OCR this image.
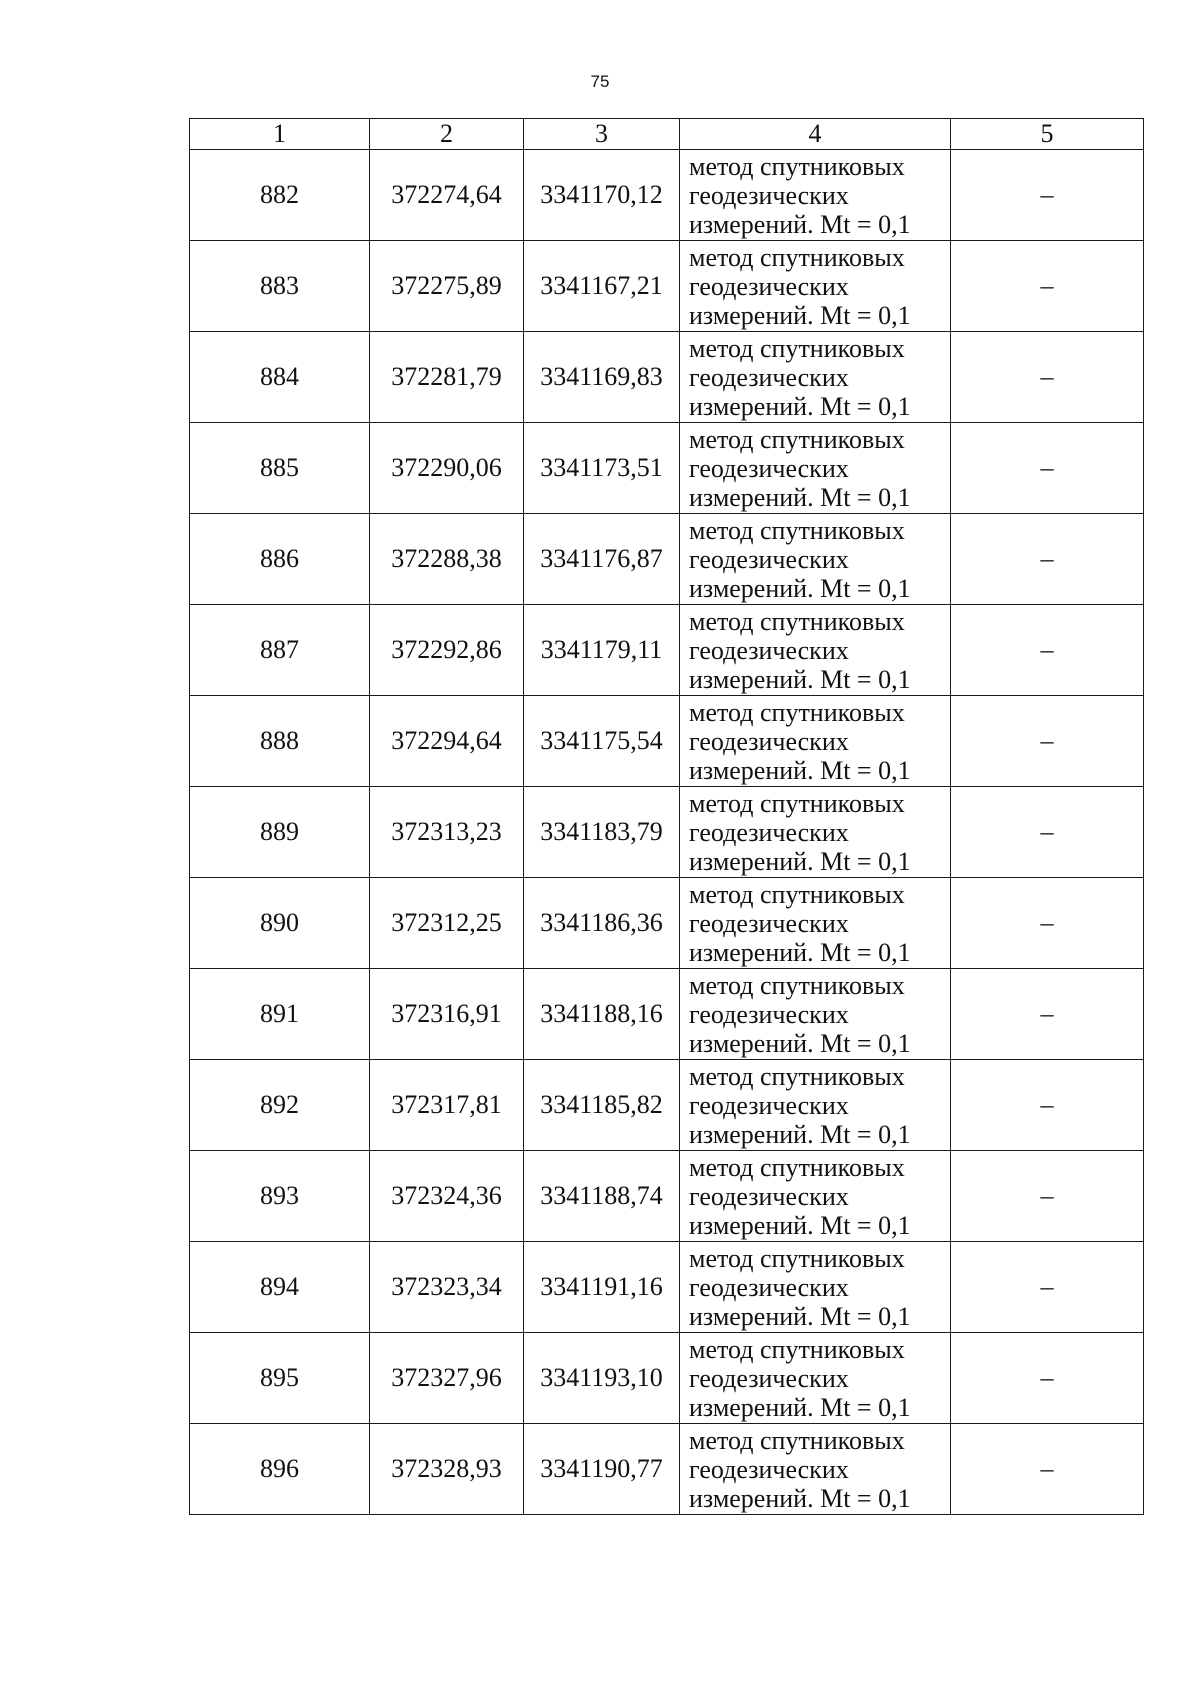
75
1	2	3	4	5
882	372274,64	3341170,12	метод спутниковых
геодезических
измерений. Mt = 0,1	–
883	372275,89	3341167,21	метод спутниковых
геодезических
измерений. Mt = 0,1	–
884	372281,79	3341169,83	метод спутниковых
геодезических
измерений. Mt = 0,1	–
885	372290,06	3341173,51	метод спутниковых
геодезических
измерений. Mt = 0,1	–
886	372288,38	3341176,87	метод спутниковых
геодезических
измерений. Mt = 0,1	–
887	372292,86	3341179,11	метод спутниковых
геодезических
измерений. Mt = 0,1	–
888	372294,64	3341175,54	метод спутниковых
геодезических
измерений. Mt = 0,1	–
889	372313,23	3341183,79	метод спутниковых
геодезических
измерений. Mt = 0,1	–
890	372312,25	3341186,36	метод спутниковых
геодезических
измерений. Mt = 0,1	–
891	372316,91	3341188,16	метод спутниковых
геодезических
измерений. Mt = 0,1	–
892	372317,81	3341185,82	метод спутниковых
геодезических
измерений. Mt = 0,1	–
893	372324,36	3341188,74	метод спутниковых
геодезических
измерений. Mt = 0,1	–
894	372323,34	3341191,16	метод спутниковых
геодезических
измерений. Mt = 0,1	–
895	372327,96	3341193,10	метод спутниковых
геодезических
измерений. Mt = 0,1	–
896	372328,93	3341190,77	метод спутниковых
геодезических
измерений. Mt = 0,1	–
